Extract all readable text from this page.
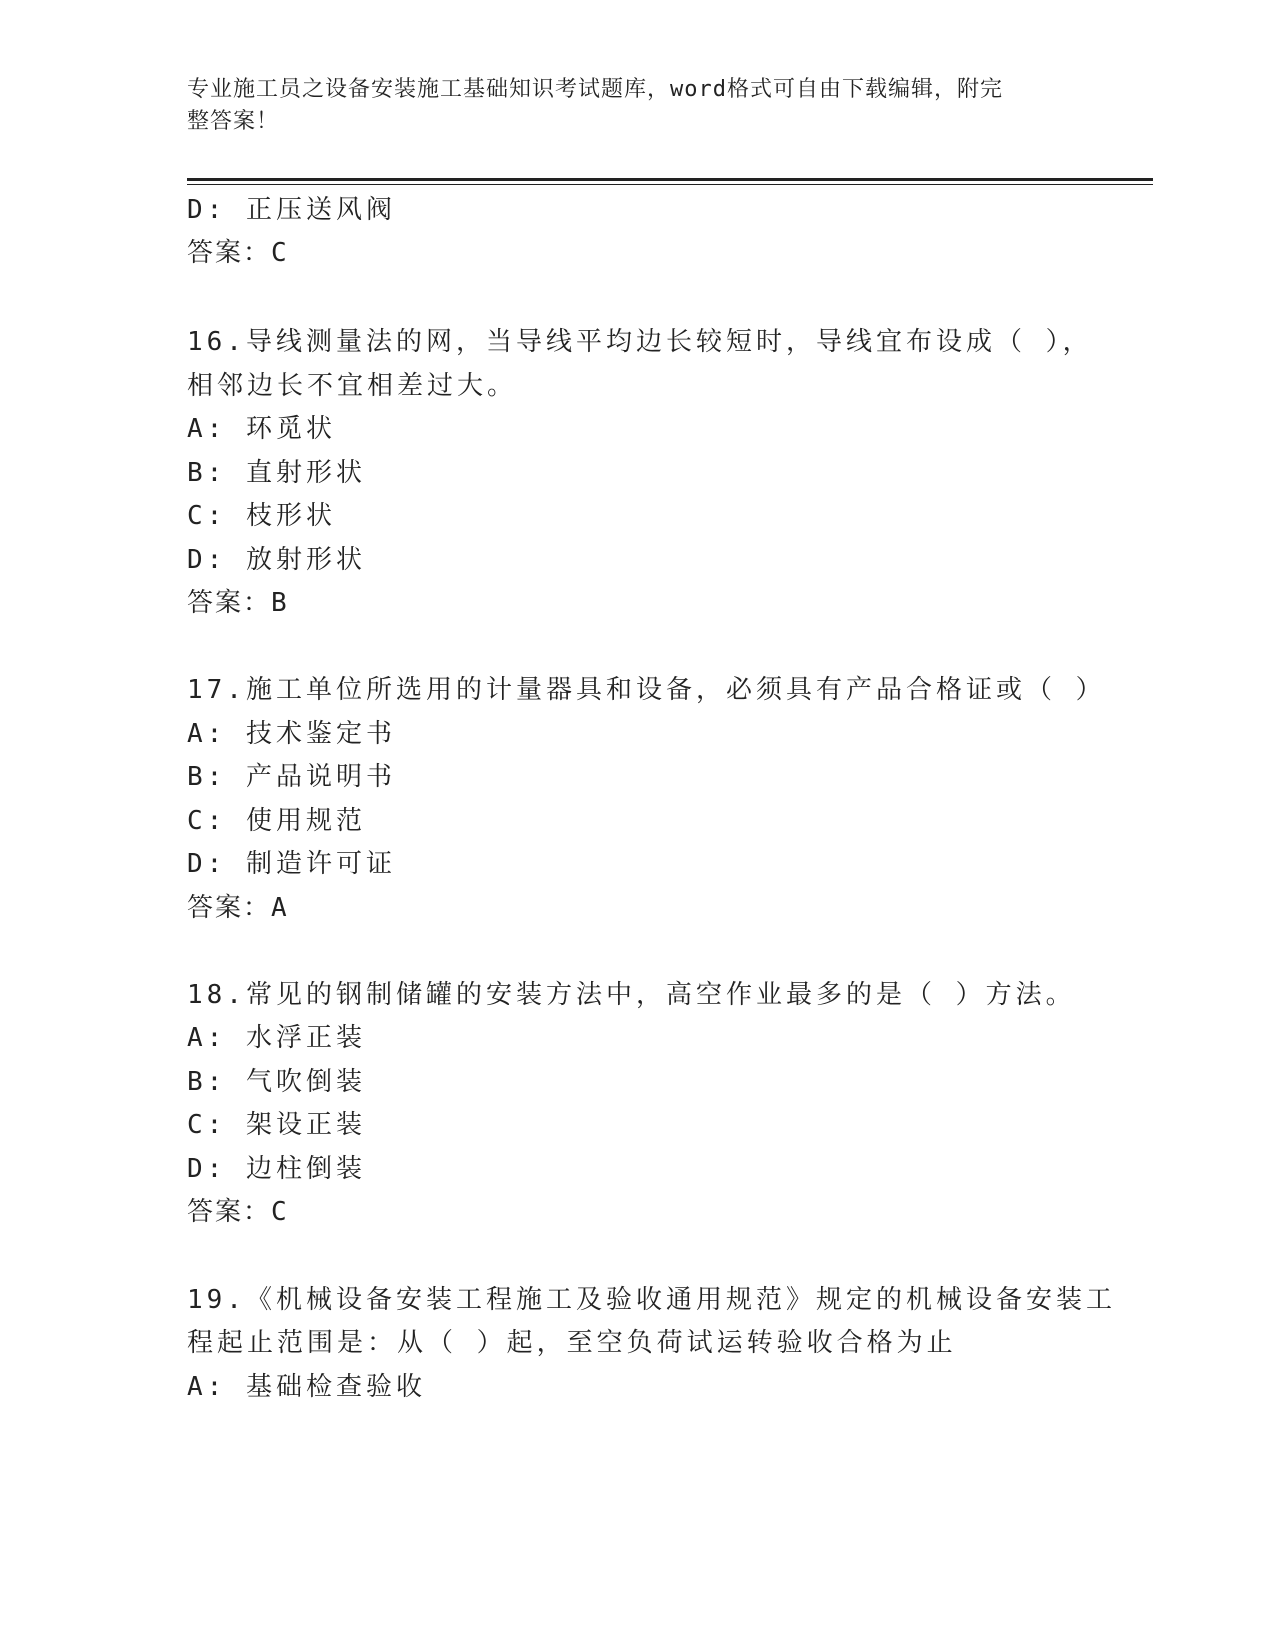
专业施工员之设备安装施工基础知识考试题库，word格式可自由下载编辑，附完
整答案！
D: 正压送风阀
答案：C
16.导线测量法的网，当导线平均边长较短时，导线宜布设成（ ），
相邻边长不宜相差过大。
A: 环觅状
B: 直射形状
C: 枝形状
D: 放射形状
答案：B
17.施工单位所选用的计量器具和设备，必须具有产品合格证或（ ）
A: 技术鉴定书
B: 产品说明书
C: 使用规范
D: 制造许可证
答案：A
18.常见的钢制储罐的安装方法中，高空作业最多的是（ ）方法。
A: 水浮正装
B: 气吹倒装
C: 架设正装
D: 边柱倒装
答案：C
19.《机械设备安装工程施工及验收通用规范》规定的机械设备安装工
程起止范围是：从（ ）起，至空负荷试运转验收合格为止
A: 基础检查验收
